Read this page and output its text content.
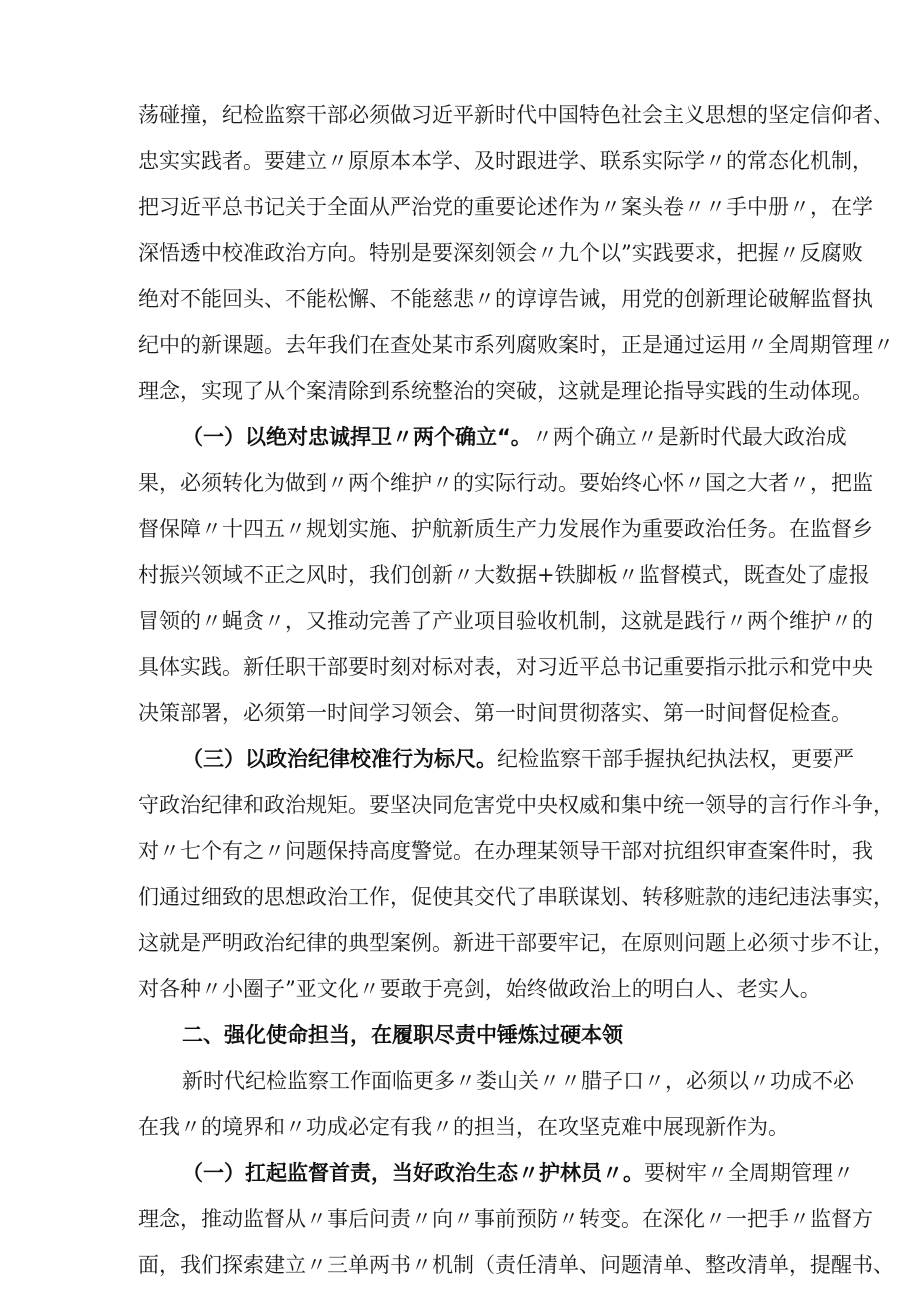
荡碰撞，纪检监察干部必须做习近平新时代中国特色社会主义思想的坚定信仰者、
忠实实践者。要建立〃原原本本学、及时跟进学、联系实际学〃的常态化机制，
把习近平总书记关于全面从严治党的重要论述作为〃案头卷〃〃手中册〃，在学
深悟透中校准政治方向。特别是要深刻领会〃九个以”实践要求，把握〃反腐败
绝对不能回头、不能松懈、不能慈悲〃的谆谆告诫，用党的创新理论破解监督执
纪中的新课题。去年我们在查处某市系列腐败案时，正是通过运用〃全周期管理〃
理念，实现了从个案清除到系统整治的突破，这就是理论指导实践的生动体现。
（一）以绝对忠诚捍卫〃两个确立“。〃两个确立〃是新时代最大政治成
果，必须转化为做到〃两个维护〃的实际行动。要始终心怀〃国之大者〃，把监
督保障〃十四五〃规划实施、护航新质生产力发展作为重要政治任务。在监督乡
村振兴领域不正之风时，我们创新〃大数据+铁脚板〃监督模式，既查处了虚报
冒领的〃蝇贪〃，又推动完善了产业项目验收机制，这就是践行〃两个维护〃的
具体实践。新任职干部要时刻对标对表，对习近平总书记重要指示批示和党中央
决策部署，必须第一时间学习领会、第一时间贯彻落实、第一时间督促检查。
（三）以政治纪律校准行为标尺。纪检监察干部手握执纪执法权，更要严
守政治纪律和政治规矩。要坚决同危害党中央权威和集中统一领导的言行作斗争，
对〃七个有之〃问题保持高度警觉。在办理某领导干部对抗组织审查案件时，我
们通过细致的思想政治工作，促使其交代了串联谋划、转移赃款的违纪违法事实，
这就是严明政治纪律的典型案例。新进干部要牢记，在原则问题上必须寸步不让，
对各种〃小圈子”亚文化〃要敢于亮剑，始终做政治上的明白人、老实人。
二、强化使命担当，在履职尽责中锤炼过硬本领
新时代纪检监察工作面临更多〃娄山关〃〃腊子口〃，必须以〃功成不必
在我〃的境界和〃功成必定有我〃的担当，在攻坚克难中展现新作为。
（一）扛起监督首责，当好政治生态〃护林员〃。要树牢〃全周期管理〃
理念，推动监督从〃事后问责〃向〃事前预防〃转变。在深化〃一把手〃监督方
面，我们探索建立〃三单两书〃机制（责任清单、问题清单、整改清单，提醒书、
